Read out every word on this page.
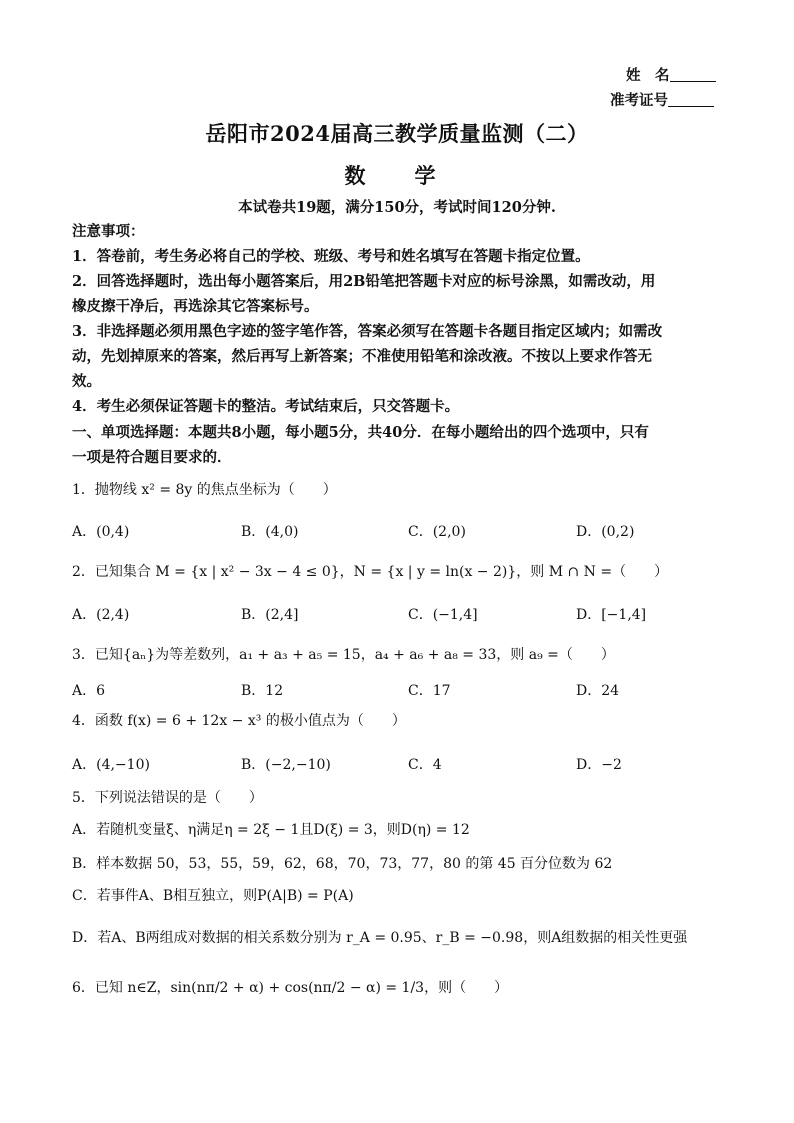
姓　名
准考证号
岳阳市2024届高三教学质量监测（二）
数　学
本试卷共19题，满分150分，考试时间120分钟.
注意事项：
1．答卷前，考生务必将自己的学校、班级、考号和姓名填写在答题卡指定位置。
2．回答选择题时，选出每小题答案后，用2B铅笔把答题卡对应的标号涂黑，如需改动，用
橡皮擦干净后，再选涂其它答案标号。
3．非选择题必须用黑色字迹的签字笔作答，答案必须写在答题卡各题目指定区域内；如需改
动，先划掉原来的答案，然后再写上新答案；不准使用铅笔和涂改液。不按以上要求作答无
效。
4．考生必须保证答题卡的整洁。考试结束后，只交答题卡。
一、单项选择题：本题共8小题，每小题5分，共40分．在每小题给出的四个选项中，只有
一项是符合题目要求的．
1．抛物线 x² = 8y 的焦点坐标为（　　）
A．(0,4)	B．(4,0)	C．(2,0)	D．(0,2)
2．已知集合 M = {x | x² − 3x − 4 ≤ 0}，N = {x | y = ln(x − 2)}，则 M ∩ N =（　　）
A．(2,4)	B．(2,4]	C．(−1,4]	D．[−1,4]
3．已知{aₙ}为等差数列，a₁ + a₃ + a₅ = 15，a₄ + a₆ + a₈ = 33，则 a₉ =（　　）
A．6	B．12	C．17	D．24
4．函数 f(x) = 6 + 12x − x³ 的极小值点为（　　）
A．(4,−10)	B．(−2,−10)	C．4	D．−2
5．下列说法错误的是（　　）
A．若随机变量ξ、η满足η = 2ξ − 1且D(ξ) = 3，则D(η) = 12
B．样本数据 50，53，55，59，62，68，70，73，77，80 的第 45 百分位数为 62
C．若事件A、B相互独立，则P(A|B) = P(A)
D．若A、B两组成对数据的相关系数分别为 r_A = 0.95、r_B = −0.98，则A组数据的相关性更强
6．已知 n∈Z，sin(nπ/2 + α) + cos(nπ/2 − α) = 1/3，则（　　）
